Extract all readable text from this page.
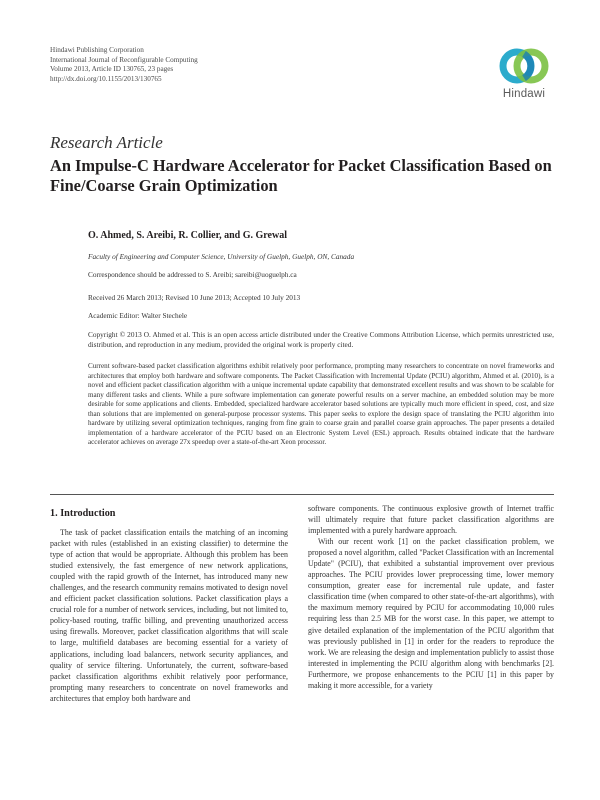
Hindawi Publishing Corporation
International Journal of Reconfigurable Computing
Volume 2013, Article ID 130765, 23 pages
http://dx.doi.org/10.1155/2013/130765
Hindawi
Research Article
An Impulse-C Hardware Accelerator for Packet Classification Based on Fine/Coarse Grain Optimization
O. Ahmed, S. Areibi, R. Collier, and G. Grewal
Faculty of Engineering and Computer Science, University of Guelph, Guelph, ON, Canada
Correspondence should be addressed to S. Areibi; sareibi@uoguelph.ca
Received 26 March 2013; Revised 10 June 2013; Accepted 10 July 2013
Academic Editor: Walter Stechele
Copyright © 2013 O. Ahmed et al. This is an open access article distributed under the Creative Commons Attribution License, which permits unrestricted use, distribution, and reproduction in any medium, provided the original work is properly cited.
Current software-based packet classification algorithms exhibit relatively poor performance, prompting many researchers to concentrate on novel frameworks and architectures that employ both hardware and software components. The Packet Classification with Incremental Update (PCIU) algorithm, Ahmed et al. (2010), is a novel and efficient packet classification algorithm with a unique incremental update capability that demonstrated excellent results and was shown to be scalable for many different tasks and clients. While a pure software implementation can generate powerful results on a server machine, an embedded solution may be more desirable for some applications and clients. Embedded, specialized hardware accelerator based solutions are typically much more efficient in speed, cost, and size than solutions that are implemented on general-purpose processor systems. This paper seeks to explore the design space of translating the PCIU algorithm into hardware by utilizing several optimization techniques, ranging from fine grain to coarse grain and parallel coarse grain approaches. The paper presents a detailed implementation of a hardware accelerator of the PCIU based on an Electronic System Level (ESL) approach. Results obtained indicate that the hardware accelerator achieves on average 27x speedup over a state-of-the-art Xeon processor.
1. Introduction

The task of packet classification entails the matching of an incoming packet with rules (established in an existing classifier) to determine the type of action that would be appropriate. Although this problem has been studied extensively, the fast emergence of new network applications, coupled with the rapid growth of the Internet, has introduced many new challenges, and the research community remains motivated to design novel and efficient packet classification solutions. Packet classification plays a crucial role for a number of network services, including, but not limited to, policy-based routing, traffic billing, and preventing unauthorized access using firewalls. Moreover, packet classification algorithms that will scale to large, multifield databases are becoming essential for a variety of applications, including load balancers, network security appliances, and quality of service filtering. Unfortunately, the current, software-based packet classification algorithms exhibit relatively poor performance, prompting many researchers to concentrate on novel frameworks and architectures that employ both hardware and

software components. The continuous explosive growth of Internet traffic will ultimately require that future packet classification algorithms are implemented with a purely hardware approach.

With our recent work [1] on the packet classification problem, we proposed a novel algorithm, called "Packet Classification with an Incremental Update" (PCIU), that exhibited a substantial improvement over previous approaches. The PCIU provides lower preprocessing time, lower memory consumption, greater ease for incremental rule update, and faster classification time (when compared to other state-of-the-art algorithms), with the maximum memory required by PCIU for accommodating 10,000 rules requiring less than 2.5 MB for the worst case. In this paper, we attempt to give detailed explanation of the implementation of the PCIU algorithm that was previously published in [1] in order for the readers to reproduce the work. We are releasing the design and implementation publicly to assist those interested in implementing the PCIU algorithm along with benchmarks [2]. Furthermore, we propose enhancements to the PCIU [1] in this paper by making it more accessible, for a variety
